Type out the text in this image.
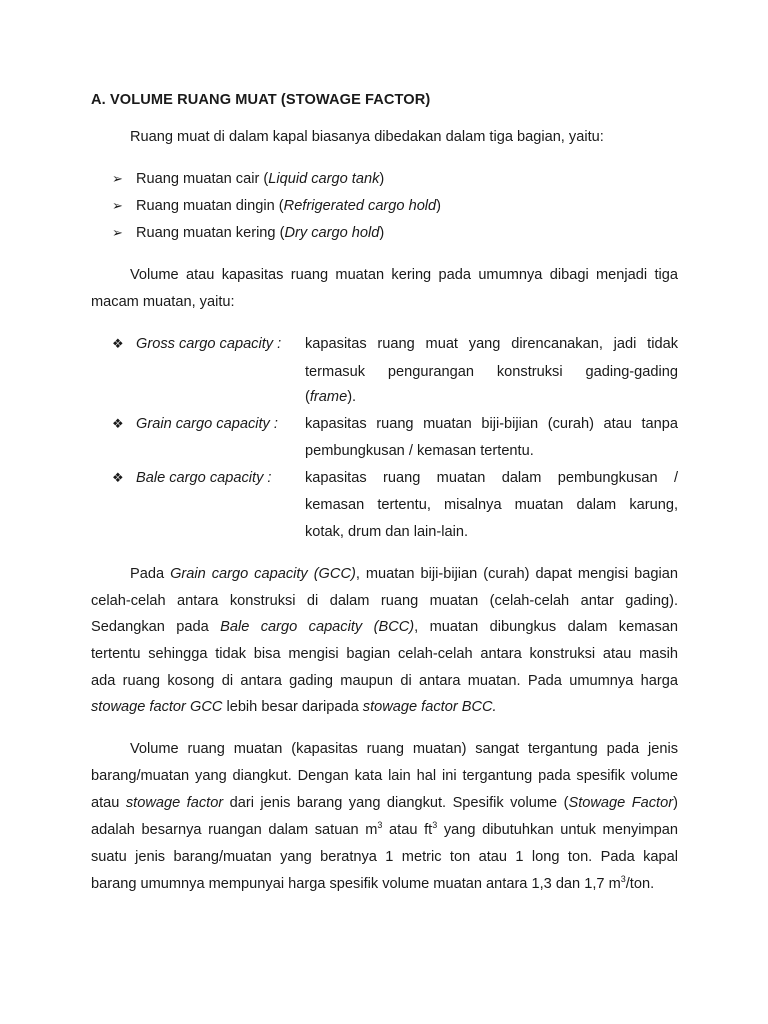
A. VOLUME RUANG MUAT (STOWAGE FACTOR)
Ruang muat di dalam kapal biasanya dibedakan dalam tiga bagian, yaitu:
➢ Ruang muatan cair (Liquid cargo tank)
➢ Ruang muatan dingin (Refrigerated cargo hold)
➢ Ruang muatan kering (Dry cargo hold)
Volume atau kapasitas ruang muatan kering pada umumnya dibagi menjadi tiga
macam muatan, yaitu:
❖ Gross cargo capacity : kapasitas ruang muat yang direncanakan, jadi tidak
termasuk pengurangan konstruksi gading-gading
(frame).
❖ Grain cargo capacity : kapasitas ruang muatan biji-bijian (curah) atau tanpa
pembungkusan / kemasan tertentu.
❖ Bale cargo capacity : kapasitas ruang muatan dalam pembungkusan /
kemasan tertentu, misalnya muatan dalam karung,
kotak, drum dan lain-lain.
Pada Grain cargo capacity (GCC), muatan biji-bijian (curah) dapat mengisi bagian
celah-celah antara konstruksi di dalam ruang muatan (celah-celah antar gading).
Sedangkan pada Bale cargo capacity (BCC), muatan dibungkus dalam kemasan
tertentu sehingga tidak bisa mengisi bagian celah-celah antara konstruksi atau masih
ada ruang kosong di antara gading maupun di antara muatan. Pada umumnya harga
stowage factor GCC lebih besar daripada stowage factor BCC.
Volume ruang muatan (kapasitas ruang muatan) sangat tergantung pada jenis
barang/muatan yang diangkut. Dengan kata lain hal ini tergantung pada spesifik volume
atau stowage factor dari jenis barang yang diangkut. Spesifik volume (Stowage Factor)
adalah besarnya ruangan dalam satuan $m^3$ atau $ft^3$ yang dibutuhkan untuk menyimpan
suatu jenis barang/muatan yang beratnya 1 metric ton atau 1 long ton. Pada kapal
barang umumnya mempunyai harga spesifik volume muatan antara 1,3 dan 1,7 $m^3$/ton.
